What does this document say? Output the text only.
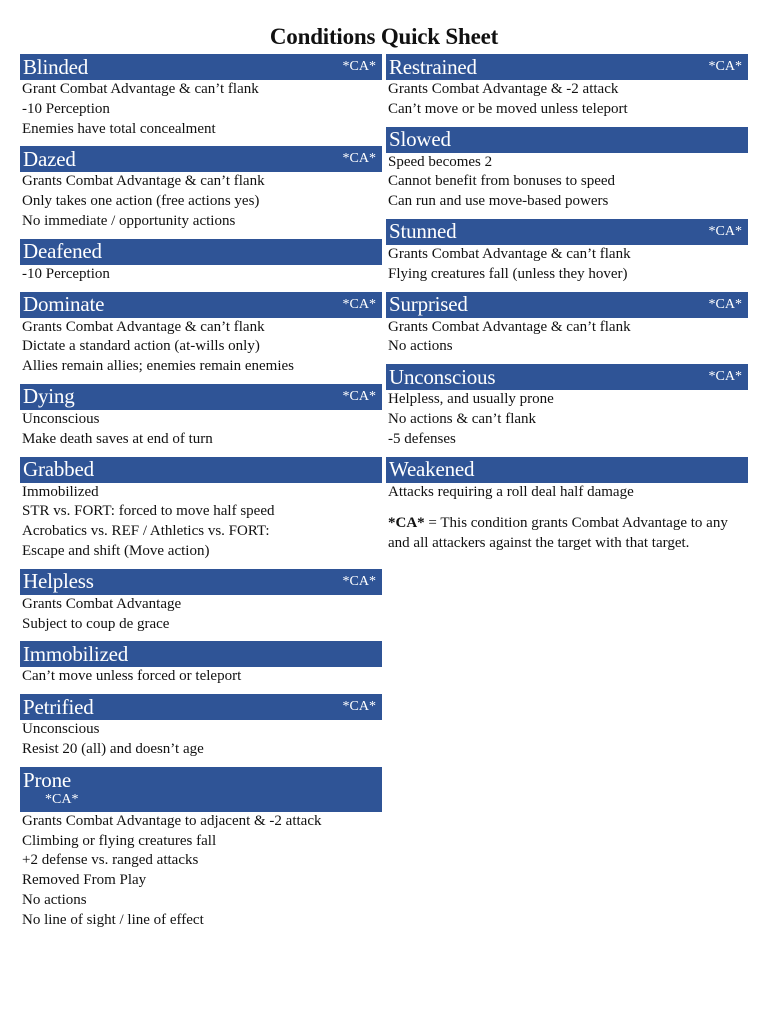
Conditions Quick Sheet
Blinded	*CA*
Grant Combat Advantage & can’t flank
-10 Perception
Enemies have total concealment
Dazed	*CA*
Grants Combat Advantage & can’t flank
Only takes one action (free actions yes)
No immediate / opportunity actions
Deafened
-10 Perception
Dominate	*CA*
Grants Combat Advantage & can’t flank
Dictate a standard action (at-wills only)
Allies remain allies; enemies remain enemies
Dying	*CA*
Unconscious
Make death saves at end of turn
Grabbed
Immobilized
STR vs. FORT: forced to move half speed
Acrobatics vs. REF / Athletics vs. FORT:
Escape and shift (Move action)
Helpless	*CA*
Grants Combat Advantage
Subject to coup de grace
Immobilized
Can’t move unless forced or teleport
Petrified	*CA*
Unconscious
Resist 20 (all) and doesn’t age
Prone
*CA*
Grants Combat Advantage to adjacent & -2 attack
Climbing or flying creatures fall
+2 defense vs. ranged attacks
Removed From Play
No actions
No line of sight / line of effect
Restrained	*CA*
Grants Combat Advantage & -2 attack
Can’t move or be moved unless teleport
Slowed
Speed becomes 2
Cannot benefit from bonuses to speed
Can run and use move-based powers
Stunned	*CA*
Grants Combat Advantage & can’t flank
Flying creatures fall (unless they hover)
Surprised	*CA*
Grants Combat Advantage & can’t flank
No actions
Unconscious	*CA*
Helpless, and usually prone
No actions & can’t flank
-5 defenses
Weakened
Attacks requiring a roll deal half damage
*CA* = This condition grants Combat Advantage to any and all attackers against the target with that target.
